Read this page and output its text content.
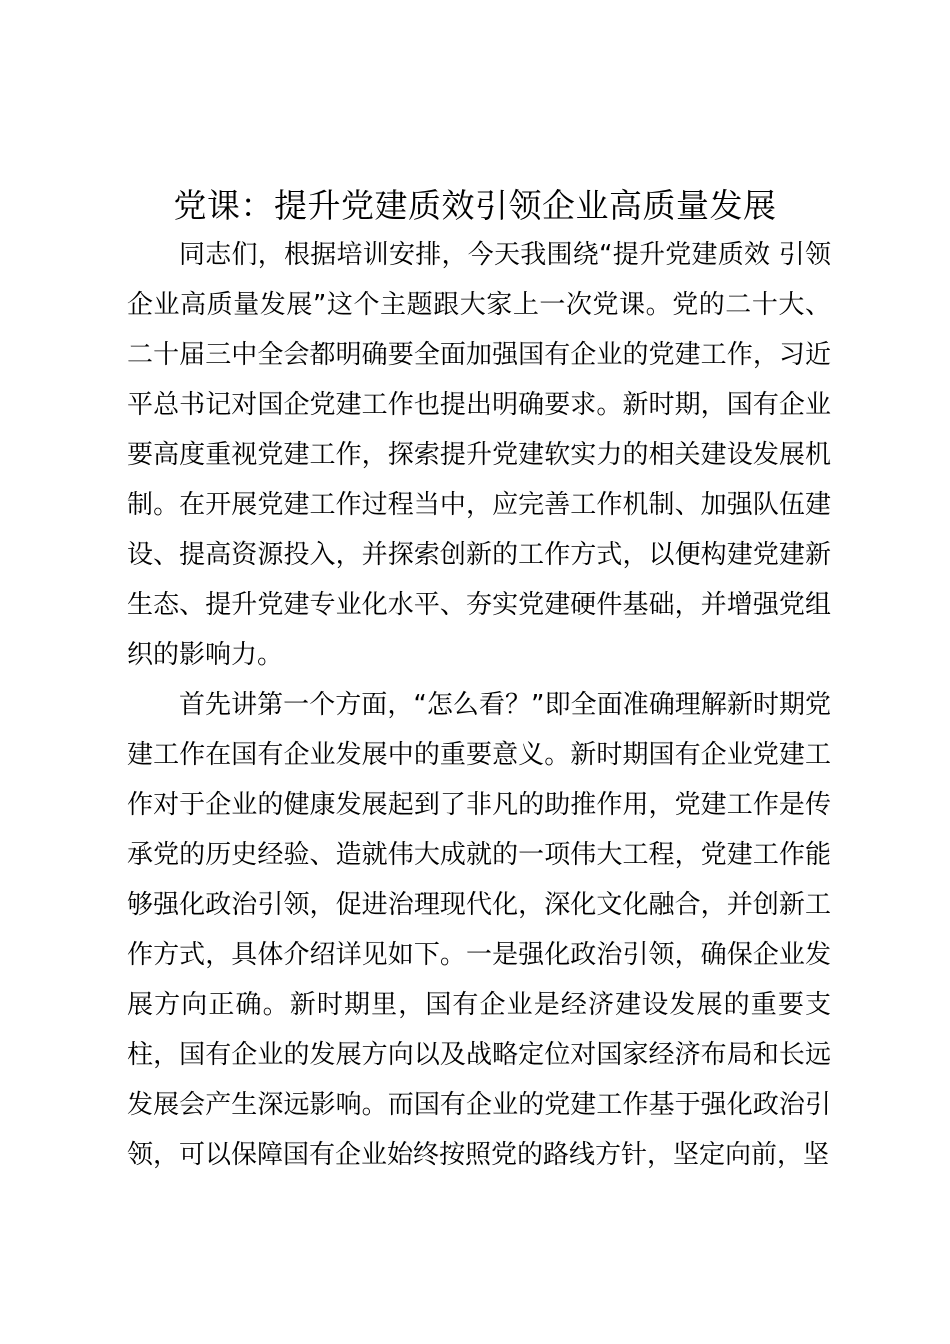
党课：提升党建质效引领企业高质量发展

同志们，根据培训安排，今天我围绕“提升党建质效 引领企业高质量发展”这个主题跟大家上一次党课。党的二十大、二十届三中全会都明确要全面加强国有企业的党建工作，习近平总书记对国企党建工作也提出明确要求。新时期，国有企业要高度重视党建工作，探索提升党建软实力的相关建设发展机制。在开展党建工作过程当中，应完善工作机制、加强队伍建设、提高资源投入，并探索创新的工作方式，以便构建党建新生态、提升党建专业化水平、夯实党建硬件基础，并增强党组织的影响力。

首先讲第一个方面，“怎么看？”即全面准确理解新时期党建工作在国有企业发展中的重要意义。新时期国有企业党建工作对于企业的健康发展起到了非凡的助推作用，党建工作是传承党的历史经验、造就伟大成就的一项伟大工程，党建工作能够强化政治引领，促进治理现代化，深化文化融合，并创新工作方式，具体介绍详见如下。一是强化政治引领，确保企业发展方向正确。新时期里，国有企业是经济建设发展的重要支柱，国有企业的发展方向以及战略定位对国家经济布局和长远发展会产生深远影响。而国有企业的党建工作基于强化政治引领，可以保障国有企业始终按照党的路线方针，坚定向前，坚
